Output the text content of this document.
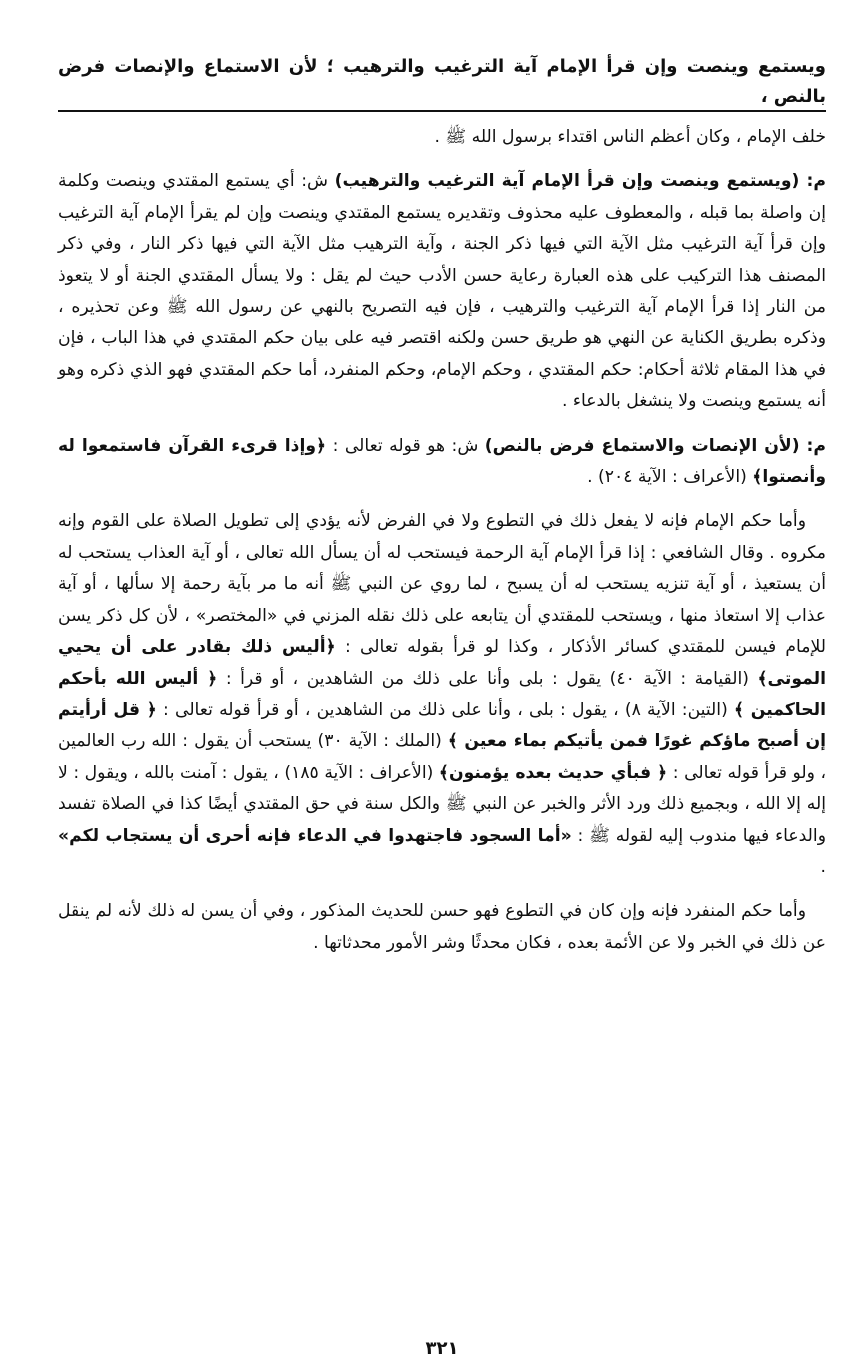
ويستمع وينصت وإن قرأ الإمام آية الترغيب والترهيب ؛ لأن الاستماع والإنصات فرض بالنص ،

خلف الإمام ، وكان أعظم الناس اقتداء برسول الله ﷺ .

م: (ويستمع وينصت وإن قرأ الإمام آية الترغيب والترهيب) ش: أي يستمع المقتدي وينصت وكلمة إن واصلة بما قبله ، والمعطوف عليه محذوف وتقديره يستمع المقتدي وينصت وإن لم يقرأ الإمام آية الترغيب وإن قرأ آية الترغيب مثل الآية التي فيها ذكر الجنة ، وآية الترهيب مثل الآية التي فيها ذكر النار ، وفي ذكر المصنف هذا التركيب على هذه العبارة رعاية حسن الأدب حيث لم يقل : ولا يسأل المقتدي الجنة أو لا يتعوذ من النار إذا قرأ الإمام آية الترغيب والترهيب ، فإن فيه التصريح بالنهي عن رسول الله ﷺ وعن تحذيره ، وذكره بطريق الكناية عن النهي هو طريق حسن ولكنه اقتصر فيه على بيان حكم المقتدي في هذا الباب ، فإن في هذا المقام ثلاثة أحكام: حكم المقتدي ، وحكم الإمام، وحكم المنفرد، أما حكم المقتدي فهو الذي ذكره وهو أنه يستمع وينصت ولا ينشغل بالدعاء .

م: (لأن الإنصات والاستماع فرض بالنص) ش: هو قوله تعالى : ﴿وإذا قرىء القرآن فاستمعوا له وأنصتوا﴾ (الأعراف : الآية ٢٠٤) .

وأما حكم الإمام فإنه لا يفعل ذلك في التطوع ولا في الفرض لأنه يؤدي إلى تطويل الصلاة على القوم وإنه مكروه . وقال الشافعي : إذا قرأ الإمام آية الرحمة فيستحب له أن يسأل الله تعالى ، أو آية العذاب يستحب له أن يستعيذ ، أو آية تنزيه يستحب له أن يسبح ، لما روي عن النبي ﷺ أنه ما مر بآية رحمة إلا سألها ، أو آية عذاب إلا استعاذ منها ، ويستحب للمقتدي أن يتابعه على ذلك نقله المزني في «المختصر» ، لأن كل ذكر يسن للإمام فيسن للمقتدي كسائر الأذكار ، وكذا لو قرأ بقوله تعالى : ﴿أليس ذلك بقادر على أن يحيي الموتى﴾ (القيامة : الآية ٤٠) يقول : بلى وأنا على ذلك من الشاهدين ، أو قرأ : ﴿ أليس الله بأحكم الحاكمين ﴾ (التين: الآية ٨) ، يقول : بلى ، وأنا على ذلك من الشاهدين ، أو قرأ قوله تعالى : ﴿ قل أرأيتم إن أصبح ماؤكم غورًا فمن يأتيكم بماء معين ﴾ (الملك : الآية ٣٠) يستحب أن يقول : الله رب العالمين ، ولو قرأ قوله تعالى : ﴿ فبأي حديث بعده يؤمنون﴾ (الأعراف : الآية ١٨٥) ، يقول : آمنت بالله ، ويقول : لا إله إلا الله ، وبجميع ذلك ورد الأثر والخبر عن النبي ﷺ والكل سنة في حق المقتدي أيضًا كذا في الصلاة تفسد والدعاء فيها مندوب إليه لقوله ﷺ : «أما السجود فاجتهدوا في الدعاء فإنه أحرى أن يستجاب لكم» .

وأما حكم المنفرد فإنه وإن كان في التطوع فهو حسن للحديث المذكور ، وفي أن يسن له ذلك لأنه لم ينقل عن ذلك في الخبر ولا عن الأئمة بعده ، فكان محدثًا وشر الأمور محدثاتها .

٣٢١
